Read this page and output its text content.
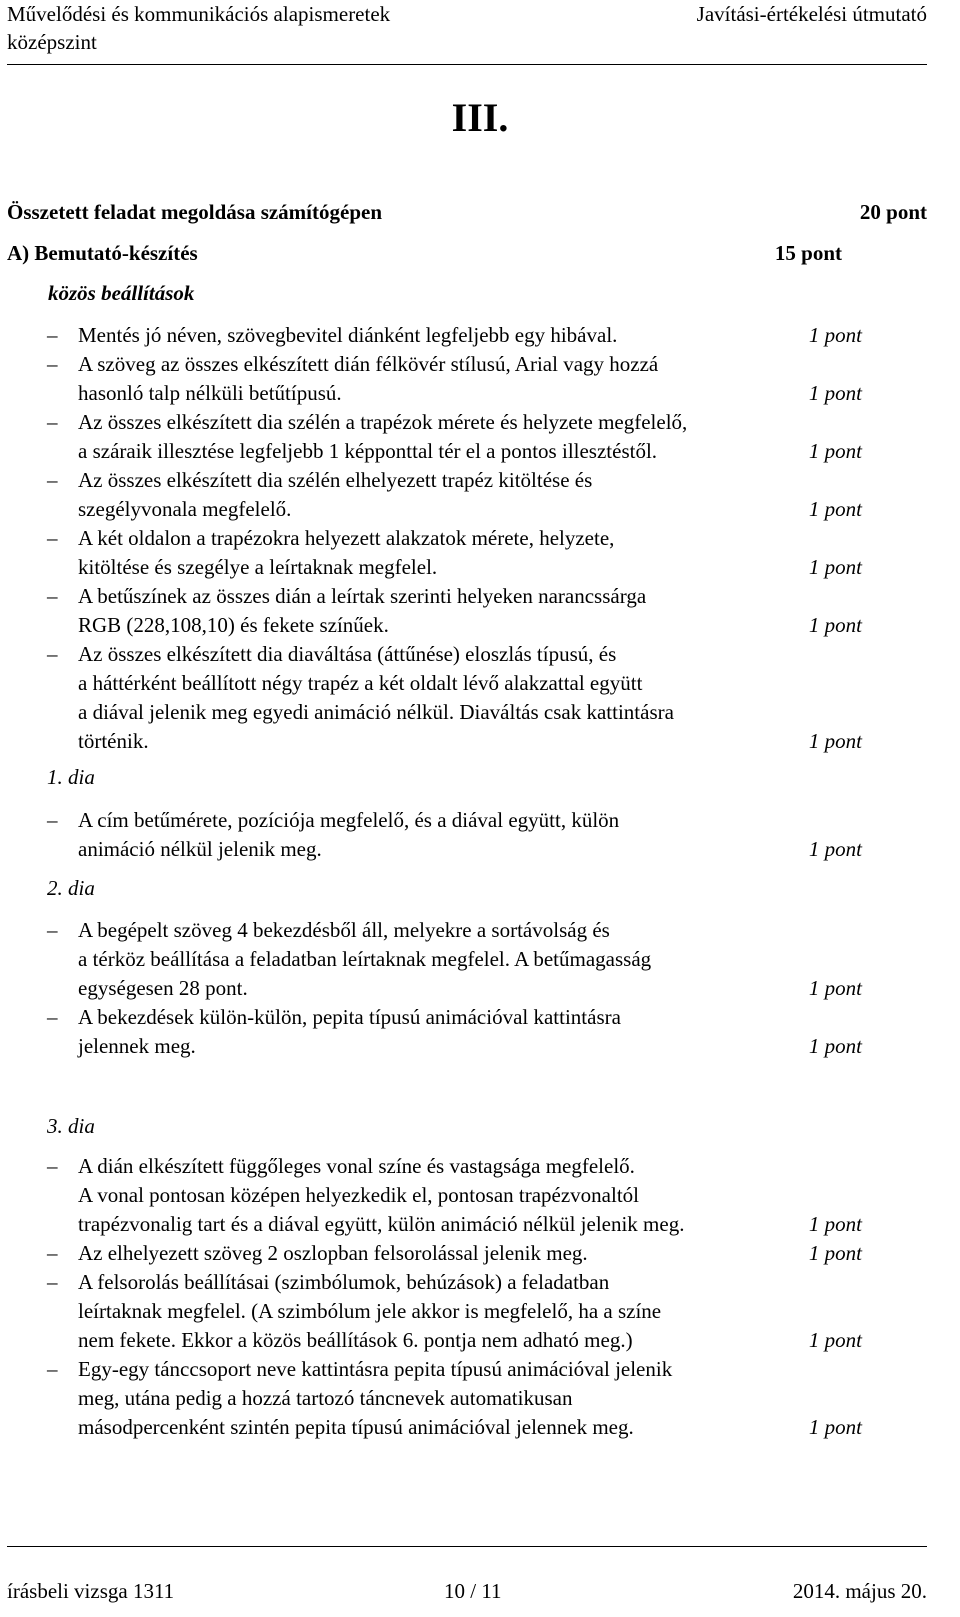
Művelődési és kommunikációs alapismeretek
középszint
Javítási-értékelési útmutató
III.
Összetett feladat megoldása számítógépen	20 pont
A) Bemutató-készítés	15 pont
közös beállítások
– Mentés jó néven, szövegbevitel diánként legfeljebb egy hibával.	1 pont
– A szöveg az összes elkészített dián félkövér stílusú, Arial vagy hozzá
hasonló talp nélküli betűtípusú.	1 pont
– Az összes elkészített dia szélén a trapézok mérete és helyzete megfelelő,
a száraik illesztése legfeljebb 1 képponttal tér el a pontos illesztéstől.	1 pont
– Az összes elkészített dia szélén elhelyezett trapéz kitöltése és
szegélyvonala megfelelő.	1 pont
– A két oldalon a trapézokra helyezett alakzatok mérete, helyzete,
kitöltése és szegélye a leírtaknak megfelel.	1 pont
– A betűszínek az összes dián a leírtak szerinti helyeken narancssárga
RGB (228,108,10) és fekete színűek.	1 pont
– Az összes elkészített dia diaváltása (áttűnése) eloszlás típusú, és
a háttérként beállított négy trapéz a két oldalt lévő alakzattal együtt
a diával jelenik meg egyedi animáció nélkül. Diaváltás csak kattintásra
történik.	1 pont
1. dia
– A cím betűmérete, pozíciója megfelelő, és a diával együtt, külön
animáció nélkül jelenik meg.	1 pont
2. dia
– A begépelt szöveg 4 bekezdésből áll, melyekre a sortávolság és
a térköz beállítása a feladatban leírtaknak megfelel. A betűmagasság
egységesen 28 pont.	1 pont
– A bekezdések külön-külön, pepita típusú animációval kattintásra
jelennek meg.	1 pont
3. dia
– A dián elkészített függőleges vonal színe és vastagsága megfelelő.
A vonal pontosan középen helyezkedik el, pontosan trapézvonaltól
trapézvonalig tart és a diával együtt, külön animáció nélkül jelenik meg.	1 pont
– Az elhelyezett szöveg 2 oszlopban felsorolással jelenik meg.	1 pont
– A felsorolás beállításai (szimbólumok, behúzások) a feladatban
leírtaknak megfelel. (A szimbólum jele akkor is megfelelő, ha a színe
nem fekete. Ekkor a közös beállítások 6. pontja nem adható meg.)	1 pont
– Egy-egy tánccsoport neve kattintásra pepita típusú animációval jelenik
meg, utána pedig a hozzá tartozó táncnevek automatikusan
másodpercenként szintén pepita típusú animációval jelennek meg.	1 pont
írásbeli vizsga 1311	10 / 11	2014. május 20.
